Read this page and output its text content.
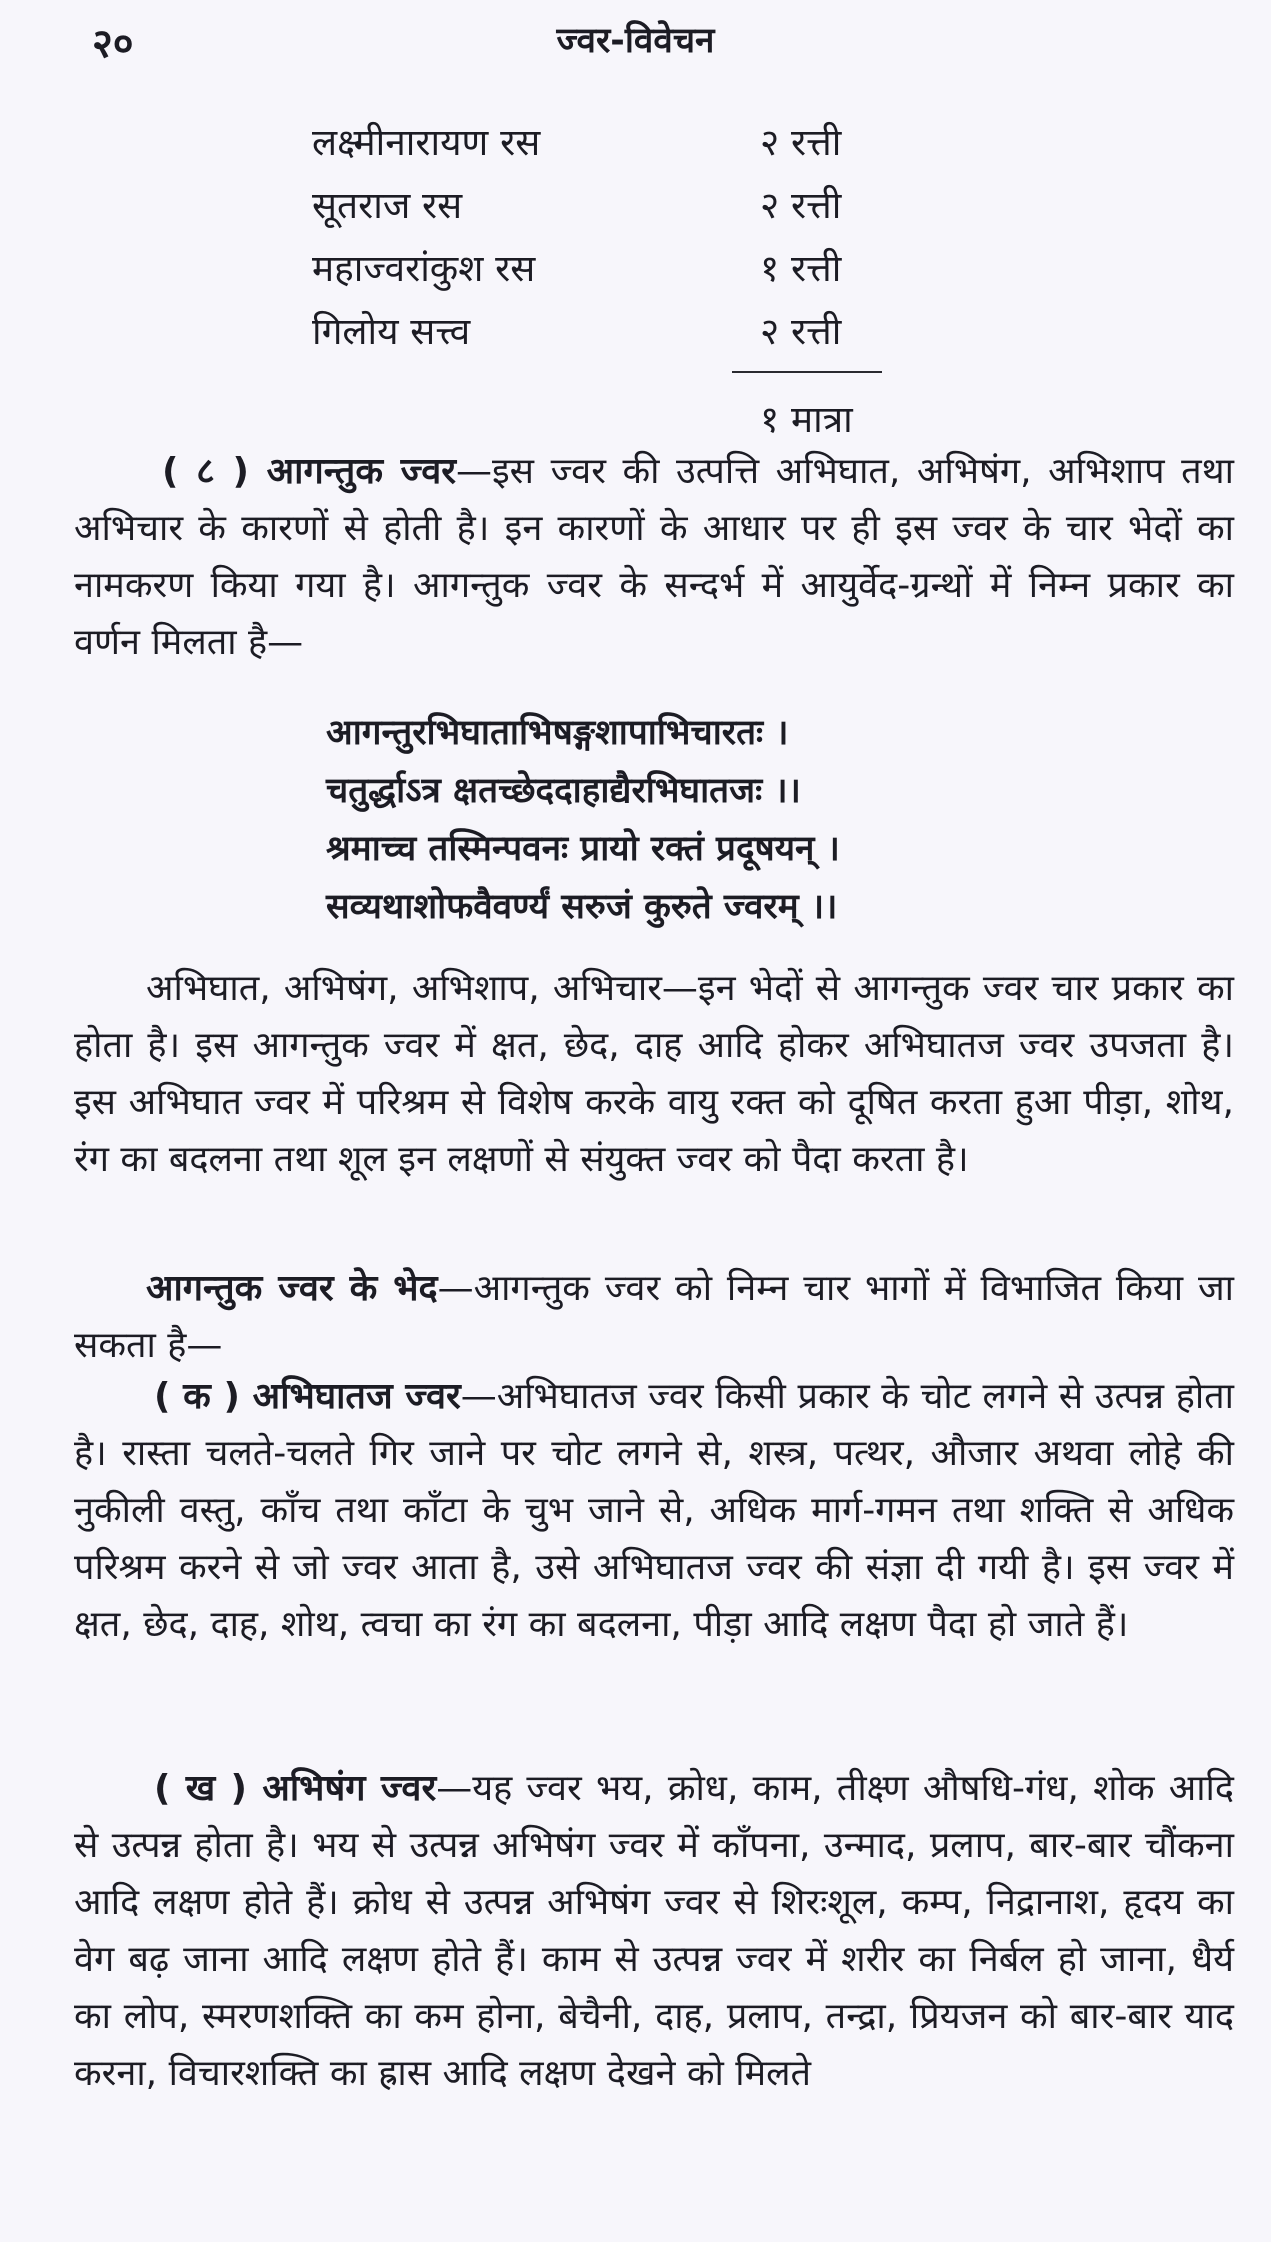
२०	ज्वर-विवेचन
लक्ष्मीनारायण रस	२ रत्ती
सूतराज रस	२ रत्ती
महाज्वरांकुश रस	१ रत्ती
गिलोय सत्त्व	२ रत्ती
१ मात्रा
( ८ ) आगन्तुक ज्वर—इस ज्वर की उत्पत्ति अभिघात, अभिषंग, अभिशाप तथा अभिचार के कारणों से होती है। इन कारणों के आधार पर ही इस ज्वर के चार भेदों का नामकरण किया गया है। आगन्तुक ज्वर के सन्दर्भ में आयुर्वेद-ग्रन्थों में निम्न प्रकार का वर्णन मिलता है—
आगन्तुरभिघाताभिषङ्गशापाभिचारतः ।
चतुर्द्धाऽत्र क्षतच्छेददाहाद्यैरभिघातजः ।।
श्रमाच्च तस्मिन्पवनः प्रायो रक्तं प्रदूषयन् ।
सव्यथाशोफवैवर्ण्यं सरुजं कुरुते ज्वरम् ।।
अभिघात, अभिषंग, अभिशाप, अभिचार—इन भेदों से आगन्तुक ज्वर चार प्रकार का होता है। इस आगन्तुक ज्वर में क्षत, छेद, दाह आदि होकर अभिघातज ज्वर उपजता है। इस अभिघात ज्वर में परिश्रम से विशेष करके वायु रक्त को दूषित करता हुआ पीड़ा, शोथ, रंग का बदलना तथा शूल इन लक्षणों से संयुक्त ज्वर को पैदा करता है।
आगन्तुक ज्वर के भेद—आगन्तुक ज्वर को निम्न चार भागों में विभाजित किया जा सकता है—
( क ) अभिघातज ज्वर—अभिघातज ज्वर किसी प्रकार के चोट लगने से उत्पन्न होता है। रास्ता चलते-चलते गिर जाने पर चोट लगने से, शस्त्र, पत्थर, औजार अथवा लोहे की नुकीली वस्तु, काँच तथा काँटा के चुभ जाने से, अधिक मार्ग-गमन तथा शक्ति से अधिक परिश्रम करने से जो ज्वर आता है, उसे अभिघातज ज्वर की संज्ञा दी गयी है। इस ज्वर में क्षत, छेद, दाह, शोथ, त्वचा का रंग का बदलना, पीड़ा आदि लक्षण पैदा हो जाते हैं।
( ख ) अभिषंग ज्वर—यह ज्वर भय, क्रोध, काम, तीक्ष्ण औषधि-गंध, शोक आदि से उत्पन्न होता है। भय से उत्पन्न अभिषंग ज्वर में काँपना, उन्माद, प्रलाप, बार-बार चौंकना आदि लक्षण होते हैं। क्रोध से उत्पन्न अभिषंग ज्वर से शिरःशूल, कम्प, निद्रानाश, हृदय का वेग बढ़ जाना आदि लक्षण होते हैं। काम से उत्पन्न ज्वर में शरीर का निर्बल हो जाना, धैर्य का लोप, स्मरणशक्ति का कम होना, बेचैनी, दाह, प्रलाप, तन्द्रा, प्रियजन को बार-बार याद करना, विचारशक्ति का ह्रास आदि लक्षण देखने को मिलते
